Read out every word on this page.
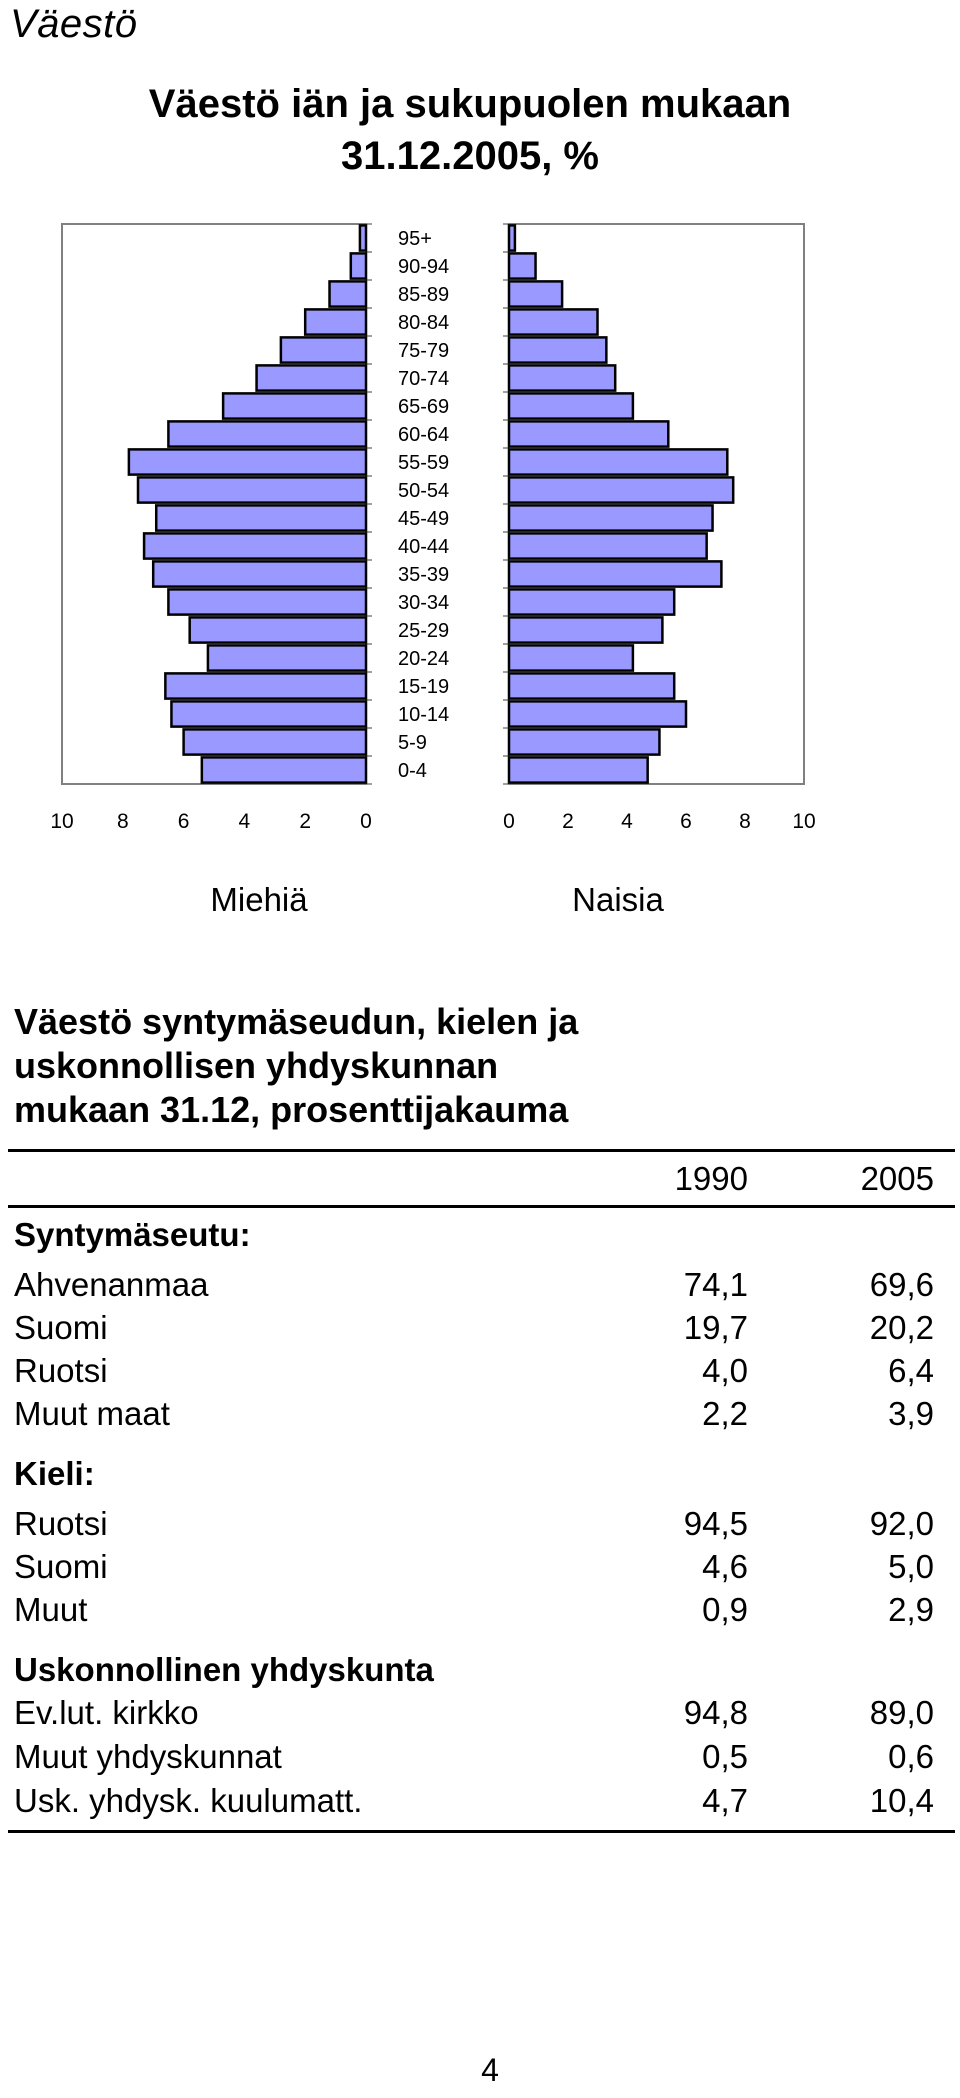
Väestö
Väestö iän ja sukupuolen mukaan
31.12.2005, %
95+
90-94
85-89
80-84
75-79
70-74
65-69
60-64
55-59
50-54
45-49
40-44
35-39
30-34
25-29
20-24
15-19
10-14
5-9
0-4
10 8 6 4 2 0	0 2 4 6 8 10
Miehiä	Naisia
Väestö syntymäseudun, kielen ja
uskonnollisen yhdyskunnan
mukaan 31.12, prosenttijakauma
1990	2005
Syntymäseutu:
Ahvenanmaa	74,1	69,6
Suomi	19,7	20,2
Ruotsi	4,0	6,4
Muut maat	2,2	3,9
Kieli:
Ruotsi	94,5	92,0
Suomi	4,6	5,0
Muut	0,9	2,9
Uskonnollinen yhdyskunta
Ev.lut. kirkko	94,8	89,0
Muut yhdyskunnat	0,5	0,6
Usk. yhdysk. kuulumatt.	4,7	10,4
4
